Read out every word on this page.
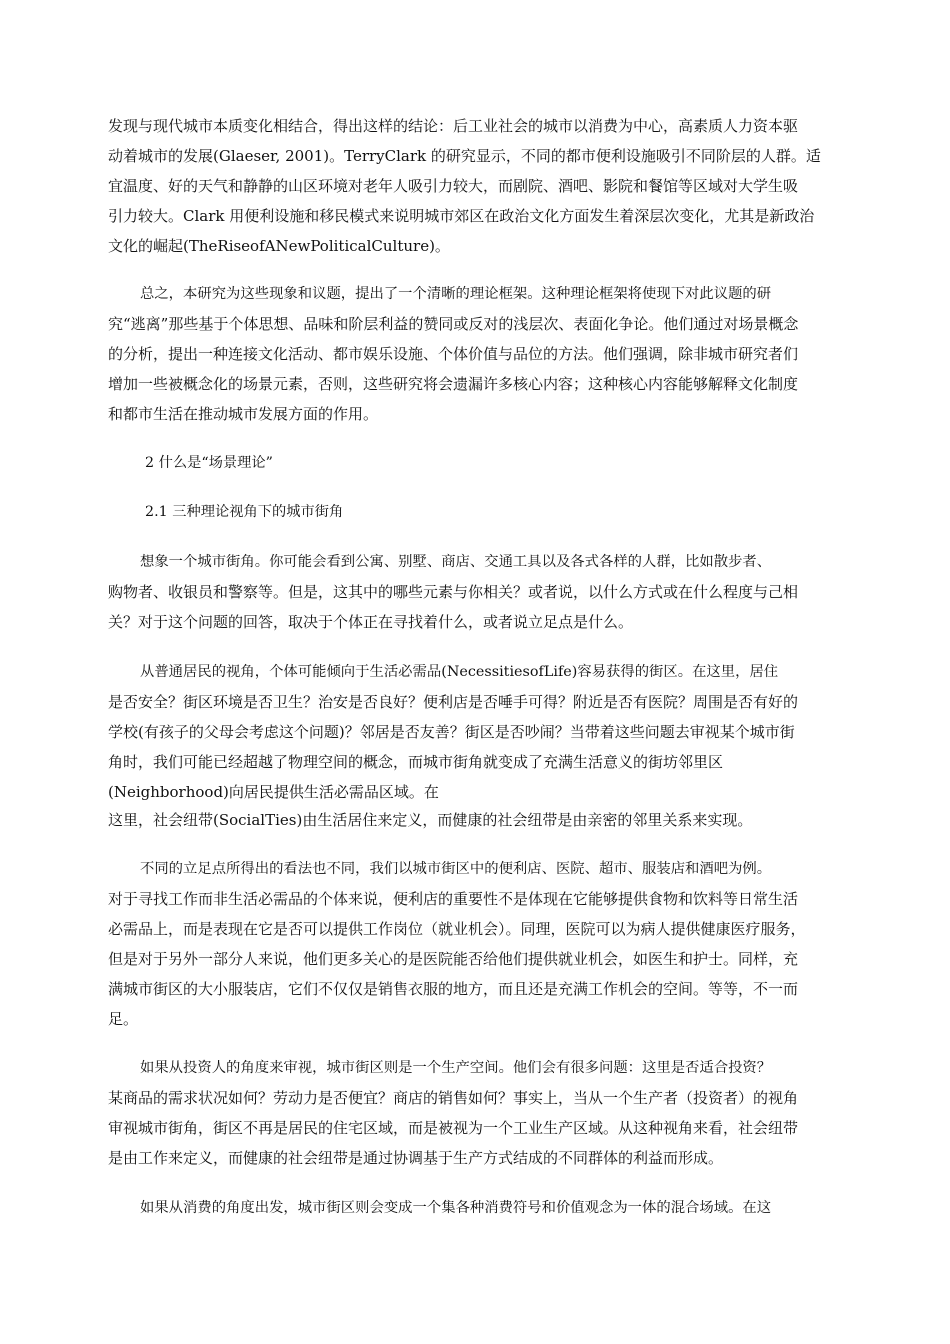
发现与现代城市本质变化相结合，得出这样的结论：后工业社会的城市以消费为中心，高素质人力资本驱
动着城市的发展(Glaeser, 2001)。TerryClark 的研究显示，不同的都市便利设施吸引不同阶层的人群。适
宜温度、好的天气和静静的山区环境对老年人吸引力较大，而剧院、酒吧、影院和餐馆等区域对大学生吸
引力较大。Clark 用便利设施和移民模式来说明城市郊区在政治文化方面发生着深层次变化，尤其是新政治
文化的崛起(TheRiseofANewPoliticalCulture)。
总之，本研究为这些现象和议题，提出了一个清晰的理论框架。这种理论框架将使现下对此议题的研
究“逃离”那些基于个体思想、品味和阶层利益的赞同或反对的浅层次、表面化争论。他们通过对场景概念
的分析，提出一种连接文化活动、都市娱乐设施、个体价值与品位的方法。他们强调，除非城市研究者们
增加一些被概念化的场景元素，否则，这些研究将会遗漏许多核心内容；这种核心内容能够解释文化制度
和都市生活在推动城市发展方面的作用。
2 什么是“场景理论”
2.1 三种理论视角下的城市街角
想象一个城市街角。你可能会看到公寓、别墅、商店、交通工具以及各式各样的人群，比如散步者、
购物者、收银员和警察等。但是，这其中的哪些元素与你相关？或者说，以什么方式或在什么程度与己相
关？对于这个问题的回答，取决于个体正在寻找着什么，或者说立足点是什么。
从普通居民的视角，个体可能倾向于生活必需品(NecessitiesofLife)容易获得的街区。在这里，居住
是否安全？街区环境是否卫生？治安是否良好？便利店是否唾手可得？附近是否有医院？周围是否有好的
学校(有孩子的父母会考虑这个问题)？邻居是否友善？街区是否吵闹？当带着这些问题去审视某个城市街
角时，我们可能已经超越了物理空间的概念，而城市街角就变成了充满生活意义的街坊邻里区
(Neighborhood)向居民提供生活必需品区域。在
这里，社会纽带(SocialTies)由生活居住来定义，而健康的社会纽带是由亲密的邻里关系来实现。
不同的立足点所得出的看法也不同，我们以城市街区中的便利店、医院、超市、服装店和酒吧为例。
对于寻找工作而非生活必需品的个体来说，便利店的重要性不是体现在它能够提供食物和饮料等日常生活
必需品上，而是表现在它是否可以提供工作岗位（就业机会）。同理，医院可以为病人提供健康医疗服务，
但是对于另外一部分人来说，他们更多关心的是医院能否给他们提供就业机会，如医生和护士。同样，充
满城市街区的大小服装店，它们不仅仅是销售衣服的地方，而且还是充满工作机会的空间。等等，不一而
足。
如果从投资人的角度来审视，城市街区则是一个生产空间。他们会有很多问题：这里是否适合投资？
某商品的需求状况如何？劳动力是否便宜？商店的销售如何？事实上，当从一个生产者（投资者）的视角
审视城市街角，街区不再是居民的住宅区域，而是被视为一个工业生产区域。从这种视角来看，社会纽带
是由工作来定义，而健康的社会纽带是通过协调基于生产方式结成的不同群体的利益而形成。
如果从消费的角度出发，城市街区则会变成一个集各种消费符号和价值观念为一体的混合场域。在这
